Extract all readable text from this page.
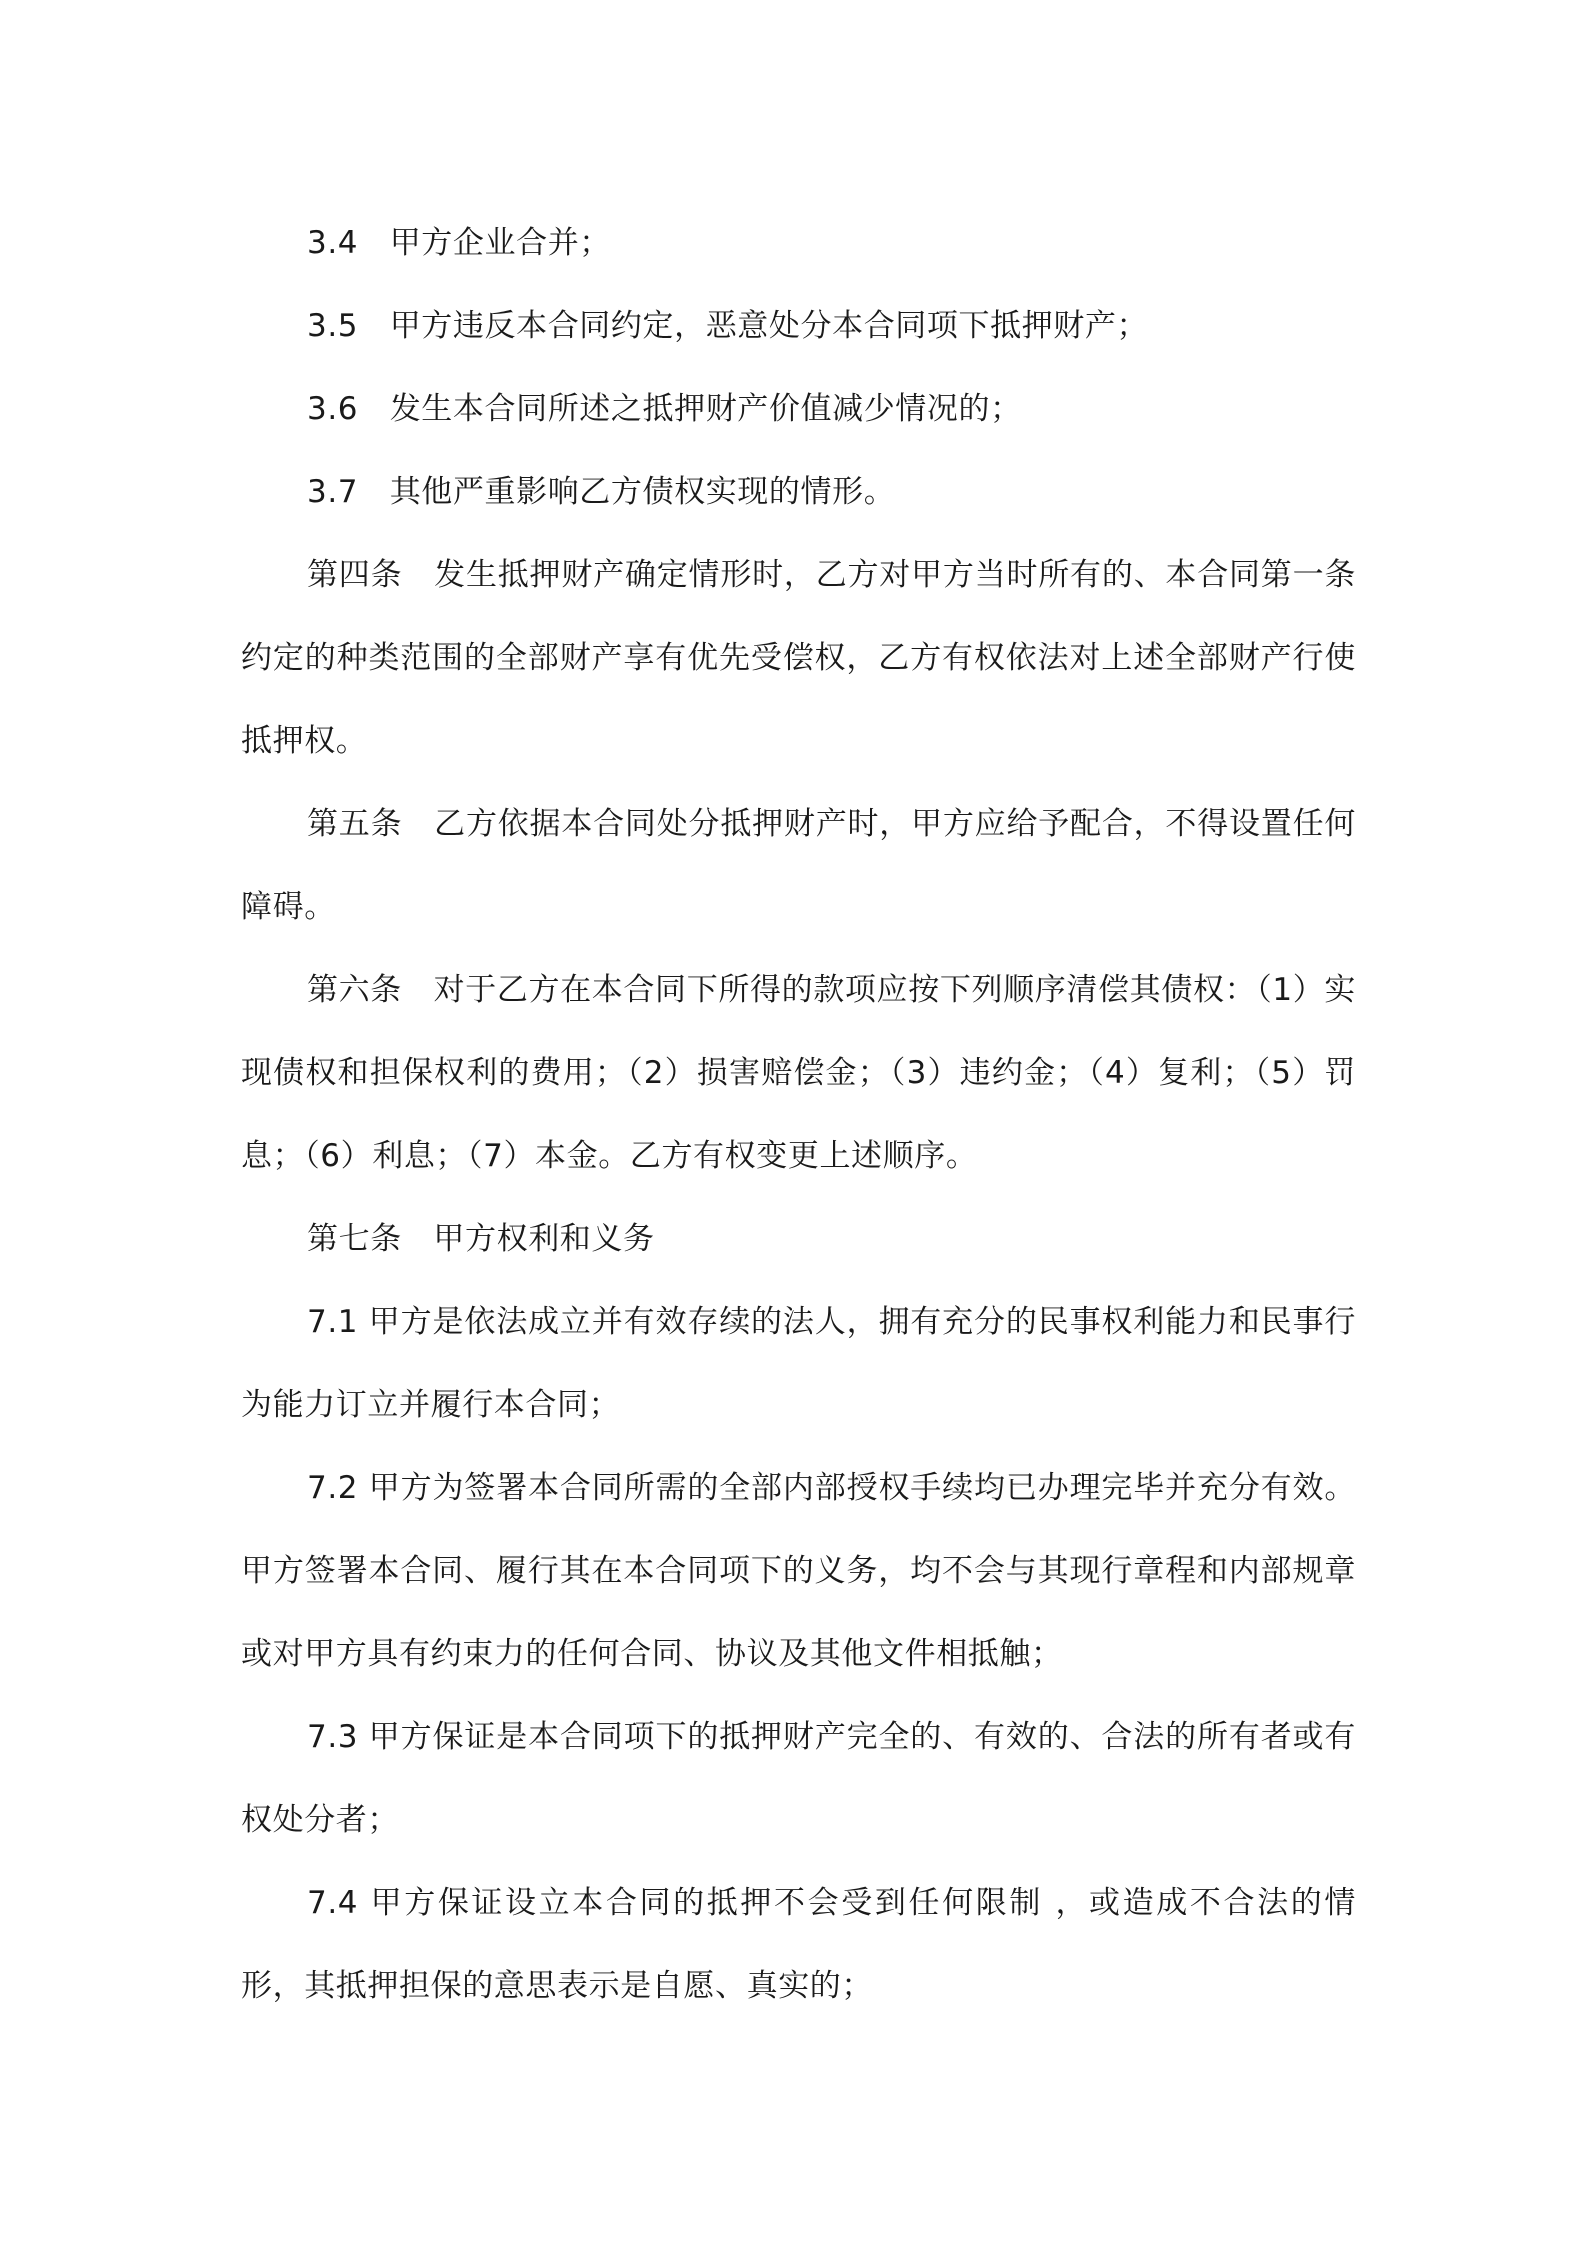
3.4　甲方企业合并；

3.5　甲方违反本合同约定，恶意处分本合同项下抵押财产；

3.6　发生本合同所述之抵押财产价值减少情况的；

3.7　其他严重影响乙方债权实现的情形。

第四条　发生抵押财产确定情形时，乙方对甲方当时所有的、本合同第一条约定的种类范围的全部财产享有优先受偿权，乙方有权依法对上述全部财产行使抵押权。

第五条　乙方依据本合同处分抵押财产时，甲方应给予配合，不得设置任何障碍。

第六条　对于乙方在本合同下所得的款项应按下列顺序清偿其债权：（1）实现债权和担保权利的费用；（2）损害赔偿金；（3）违约金；（4）复利；（5）罚息；（6）利息；（7）本金。乙方有权变更上述顺序。

第七条　甲方权利和义务

7.1 甲方是依法成立并有效存续的法人，拥有充分的民事权利能力和民事行为能力订立并履行本合同；

7.2 甲方为签署本合同所需的全部内部授权手续均已办理完毕并充分有效。甲方签署本合同、履行其在本合同项下的义务，均不会与其现行章程和内部规章或对甲方具有约束力的任何合同、协议及其他文件相抵触；

7.3 甲方保证是本合同项下的抵押财产完全的、有效的、合法的所有者或有权处分者；

7.4 甲方保证设立本合同的抵押不会受到任何限制 ，或造成不合法的情形，其抵押担保的意思表示是自愿、真实的；
